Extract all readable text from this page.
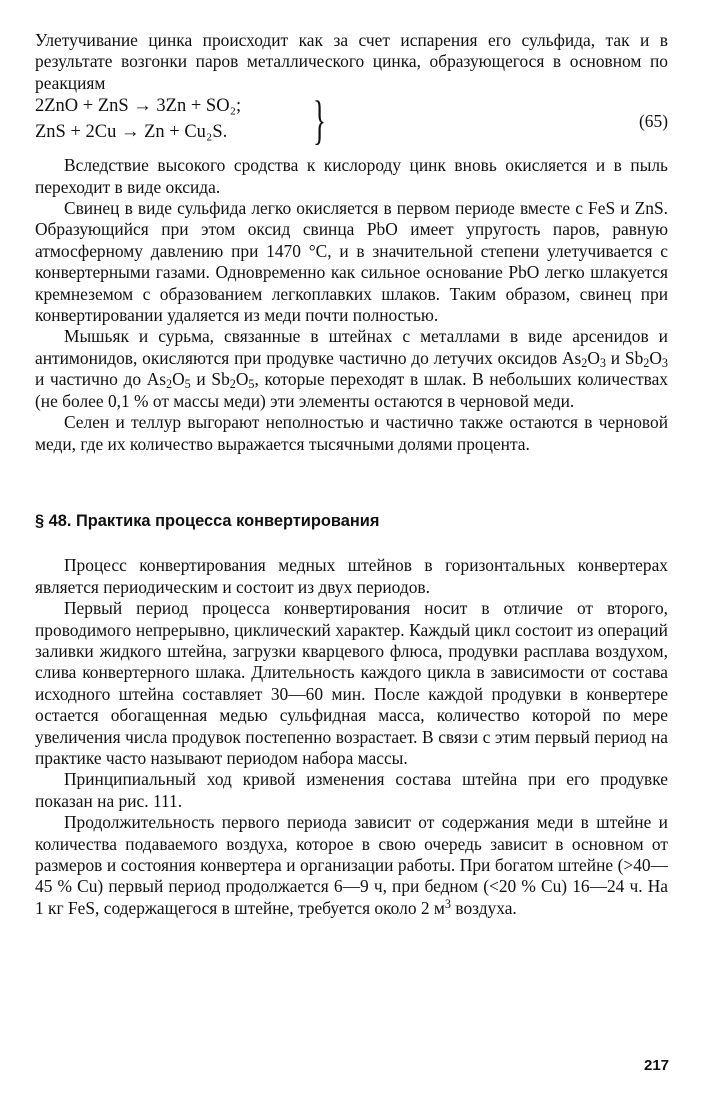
Улетучивание цинка происходит как за счет испарения его сульфида, так и в результате возгонки паров металлического цинка, образующегося в основном по реакциям

2ZnO + ZnS → 3Zn + SO₂;
ZnS + 2Cu → Zn + Cu₂S. }	(65)

Вследствие высокого сродства к кислороду цинк вновь окисляется и в пыль переходит в виде оксида.

Свинец в виде сульфида легко окисляется в первом периоде вместе с FeS и ZnS. Образующийся при этом оксид свинца PbO имеет упругость паров, равную атмосферному давлению при 1470 °C, и в значительной степени улетучивается с конвертерными газами. Одновременно как сильное основание PbO легко шлакуется кремнеземом с образованием легкоплавких шлаков. Таким образом, свинец при конвертировании удаляется из меди почти полностью.

Мышьяк и сурьма, связанные в штейнах с металлами в виде арсенидов и антимонидов, окисляются при продувке частично до летучих оксидов $As_2O_3$ и $Sb_2O_3$ и частично до $As_2O_5$ и $Sb_2O_5$, которые переходят в шлак. В небольших количествах (не более 0,1 % от массы меди) эти элементы остаются в черновой меди.

Селен и теллур выгорают неполностью и частично также остаются в черновой меди, где их количество выражается тысячными долями процента.

§ 48. Практика процесса конвертирования

Процесс конвертирования медных штейнов в горизонтальных конвертерах является периодическим и состоит из двух периодов.

Первый период процесса конвертирования носит в отличие от второго, проводимого непрерывно, циклический характер. Каждый цикл состоит из операций заливки жидкого штейна, загрузки кварцевого флюса, продувки расплава воздухом, слива конвертерного шлака. Длительность каждого цикла в зависимости от состава исходного штейна составляет 30—60 мин. После каждой продувки в конвертере остается обогащенная медью сульфидная масса, количество которой по мере увеличения числа продувок постепенно возрастает. В связи с этим первый период на практике часто называют периодом набора массы.

Принципиальный ход кривой изменения состава штейна при его продувке показан на рис. 111.

Продолжительность первого периода зависит от содержания меди в штейне и количества подаваемого воздуха, которое в свою очередь зависит в основном от размеров и состояния конвертера и организации работы. При богатом штейне (>40—45 % Cu) первый период продолжается 6—9 ч, при бедном (<20 % Cu) 16—24 ч. На 1 кг FeS, содержащегося в штейне, требуется около 2 $м^3$ воздуха.

217
